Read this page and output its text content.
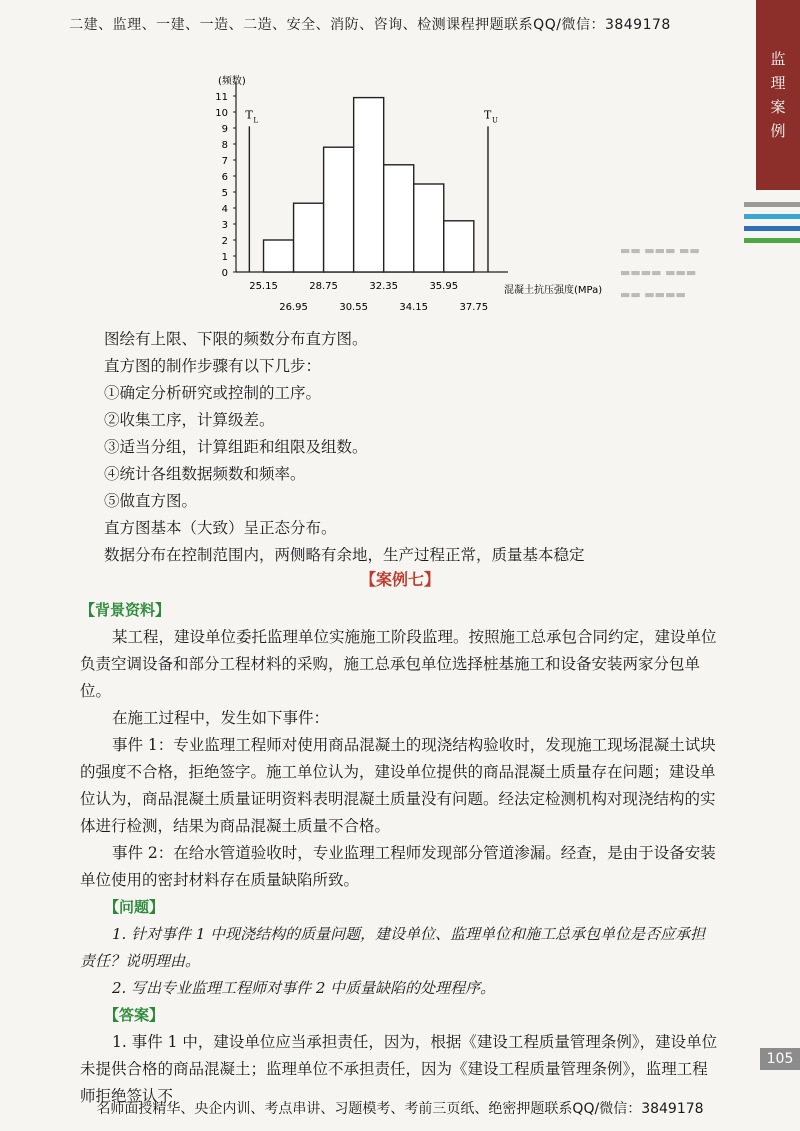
二建、监理、一建、一造、二造、安全、消防、咨询、检测课程押题联系QQ/微信：3849178
监
理
案
例
▬▬ ▬▬▬ ▬▬
▬▬▬▬ ▬▬▬
▬▬ ▬▬▬▬
(频数)
0
1
2
3
4
5
6
7
8
9
10
11
T L	T U
25.15	28.75	32.35	35.95
26.95	30.55	34.15	37.75
混凝土抗压强度(MPa)

图绘有上限、下限的频数分布直方图。

直方图的制作步骤有以下几步：

①确定分析研究或控制的工序。

②收集工序，计算级差。

③适当分组，计算组距和组限及组数。

④统计各组数据频数和频率。

⑤做直方图。

直方图基本（大致）呈正态分布。

数据分布在控制范围内，两侧略有余地，生产过程正常，质量基本稳定

【案例七】

【背景资料】

某工程，建设单位委托监理单位实施施工阶段监理。按照施工总承包合同约定，建设单位负责空调设备和部分工程材料的采购，施工总承包单位选择桩基施工和设备安装两家分包单位。

在施工过程中，发生如下事件：

事件 1：专业监理工程师对使用商品混凝土的现浇结构验收时，发现施工现场混凝土试块的强度不合格，拒绝签字。施工单位认为，建设单位提供的商品混凝土质量存在问题；建设单位认为，商品混凝土质量证明资料表明混凝土质量没有问题。经法定检测机构对现浇结构的实体进行检测，结果为商品混凝土质量不合格。

事件 2：在给水管道验收时，专业监理工程师发现部分管道渗漏。经查，是由于设备安装单位使用的密封材料存在质量缺陷所致。

【问题】

1. 针对事件 1 中现浇结构的质量问题，建设单位、监理单位和施工总承包单位是否应承担责任？说明理由。

2. 写出专业监理工程师对事件 2 中质量缺陷的处理程序。

【答案】

1. 事件 1 中，建设单位应当承担责任，因为，根据《建设工程质量管理条例》，建设单位未提供合格的商品混凝土；监理单位不承担责任，因为《建设工程质量管理条例》，监理工程师拒绝签认不

105
名师面授精华、央企内训、考点串讲、习题模考、考前三页纸、绝密押题联系QQ/微信：3849178
